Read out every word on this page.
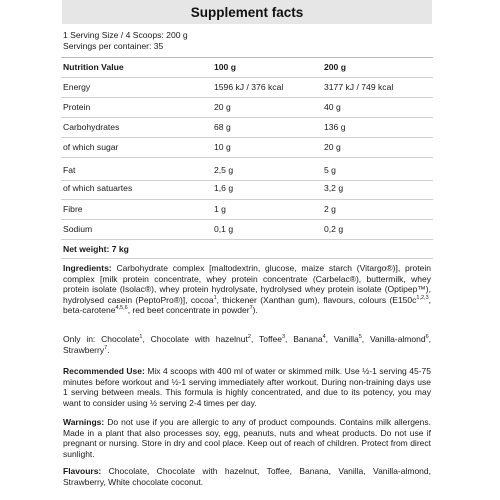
Supplement facts
1 Serving Size / 4 Scoops: 200 g
Servings per container: 35
Nutrition Value	100 g	200 g
Energy	1596 kJ / 376 kcal	3177 kJ / 749 kcal
Protein	20 g	40 g
Carbohydrates	68 g	136 g
of which sugar	10 g	20 g
Fat	2,5 g	5 g
of which satuartes	1,6 g	3,2 g
Fibre	1 g	2 g
Sodium	0,1 g	0,2 g
Net weight: 7 kg
Ingredients: Carbohydrate complex [maltodextrin, glucose, maize starch (Vitargo®)], protein complex [milk protein concentrate, whey protein concentrate (Carbelac®), buttermilk, whey protein isolate (Isolac®), whey protein hydrolysate, hydrolysed whey protein isolate (Optipep™), hydrolysed casein (PeptoPro®)], cocoa$^1$, thickener (Xanthan gum), flavours, colours ($E150c^{1,2,3}$, beta-carotene$^{4,5,6}$, red beet concentrate in powder$^7$).
Only in: Chocolate$^1$, Chocolate with hazelnut$^2$, Toffee$^3$, Banana$^4$, Vanilla$^5$, Vanilla-almond$^6$, Strawberry$^7$.
Recommended Use: Mix 4 scoops with 400 ml of water or skimmed milk. Use ½-1 serving 45-75 minutes before workout and ½-1 serving immediately after workout. During non-training days use 1 serving between meals. This formula is highly concentrated, and due to its potency, you may want to consider using ½ serving 2-4 times per day.
Warnings: Do not use if you are allergic to any of product compounds. Contains milk allergens. Made in a plant that also processes soy, egg, peanuts, nuts and wheat products. Do not use if pregnant or nursing. Store in dry and cool place. Keep out of reach of children. Protect from direct sunlight.
Flavours: Chocolate, Chocolate with hazelnut, Toffee, Banana, Vanilla, Vanilla-almond, Strawberry, White chocolate coconut.
